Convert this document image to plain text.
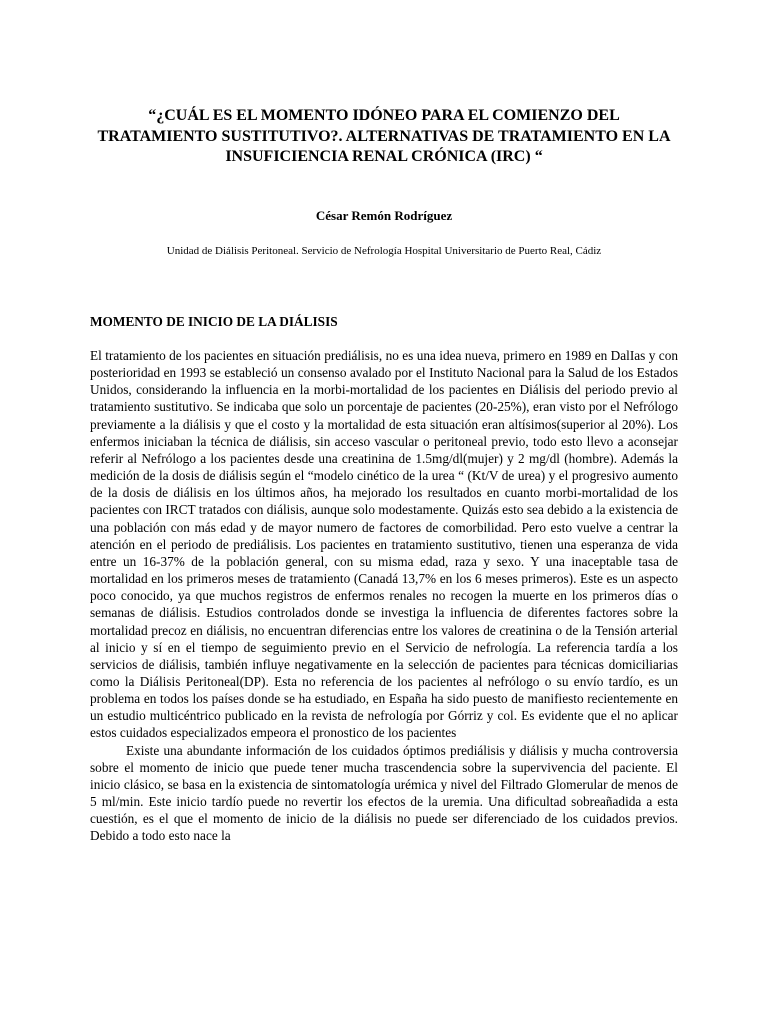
“¿CUÁL ES EL MOMENTO IDÓNEO PARA EL COMIENZO DEL TRATAMIENTO SUSTITUTIVO?. ALTERNATIVAS DE TRATAMIENTO EN LA INSUFICIENCIA RENAL CRÓNICA (IRC) “
César Remón Rodríguez
Unidad de Diálisis Peritoneal. Servicio de Nefrología Hospital Universitario de Puerto Real, Cádiz
MOMENTO DE INICIO DE LA DIÁLISIS

El tratamiento de los pacientes en situación prediálisis, no es una idea nueva, primero en 1989 en DalIas y con posterioridad en 1993 se estableció un consenso avalado por el Instituto Nacional para la Salud de los Estados Unidos, considerando la influencia en la morbi-mortalidad de los pacientes en Diálisis del periodo previo al tratamiento sustitutivo. Se indicaba que solo un porcentaje de pacientes (20-25%), eran visto por el Nefrólogo previamente a la diálisis y que el costo y la mortalidad de esta situación eran altísimos(superior al 20%). Los enfermos iniciaban la técnica de diálisis, sin acceso vascular o peritoneal previo, todo esto llevo a aconsejar referir al Nefrólogo a los pacientes desde una creatinina de 1.5mg/dl(mujer) y 2 mg/dl (hombre). Además la medición de la dosis de diálisis según el “modelo cinético de la urea “ (Kt/V de urea) y el progresivo aumento de la dosis de diálisis en los últimos años, ha mejorado los resultados en cuanto morbi-mortalidad de los pacientes con IRCT tratados con diálisis, aunque solo modestamente. Quizás esto sea debido a la existencia de una población con más edad y de mayor numero de factores de comorbilidad. Pero esto vuelve a centrar la atención en el periodo de prediálisis. Los pacientes en tratamiento sustitutivo, tienen una esperanza de vida entre un 16-37% de la población general, con su misma edad, raza y sexo. Y una inaceptable tasa de mortalidad en los primeros meses de tratamiento (Canadá 13,7% en los 6 meses primeros). Este es un aspecto poco conocido, ya que muchos registros de enfermos renales no recogen la muerte en los primeros días o semanas de diálisis. Estudios controlados donde se investiga la influencia de diferentes factores sobre la mortalidad precoz en diálisis, no encuentran diferencias entre los valores de creatinina o de la Tensión arterial al inicio y sí en el tiempo de seguimiento previo en el Servicio de nefrología. La referencia tardía a los servicios de diálisis, también influye negativamente en la selección de pacientes para técnicas domiciliarias como la Diálisis Peritoneal(DP). Esta no referencia de los pacientes al nefrólogo o su envío tardío, es un problema en todos los países donde se ha estudiado, en España ha sido puesto de manifiesto recientemente en un estudio multicéntrico publicado en la revista de nefrología por Górriz y col. Es evidente que el no aplicar estos cuidados especializados empeora el pronostico de los pacientes

Existe una abundante información de los cuidados óptimos prediálisis y diálisis y mucha controversia sobre el momento de inicio que puede tener mucha trascendencia sobre la supervivencia del paciente. El inicio clásico, se basa en la existencia de sintomatología urémica y nivel del Filtrado Glomerular de menos de 5 ml/min. Este inicio tardío puede no revertir los efectos de la uremia. Una dificultad sobreañadida a esta cuestión, es el que el momento de inicio de la diálisis no puede ser diferenciado de los cuidados previos. Debido a todo esto nace la
